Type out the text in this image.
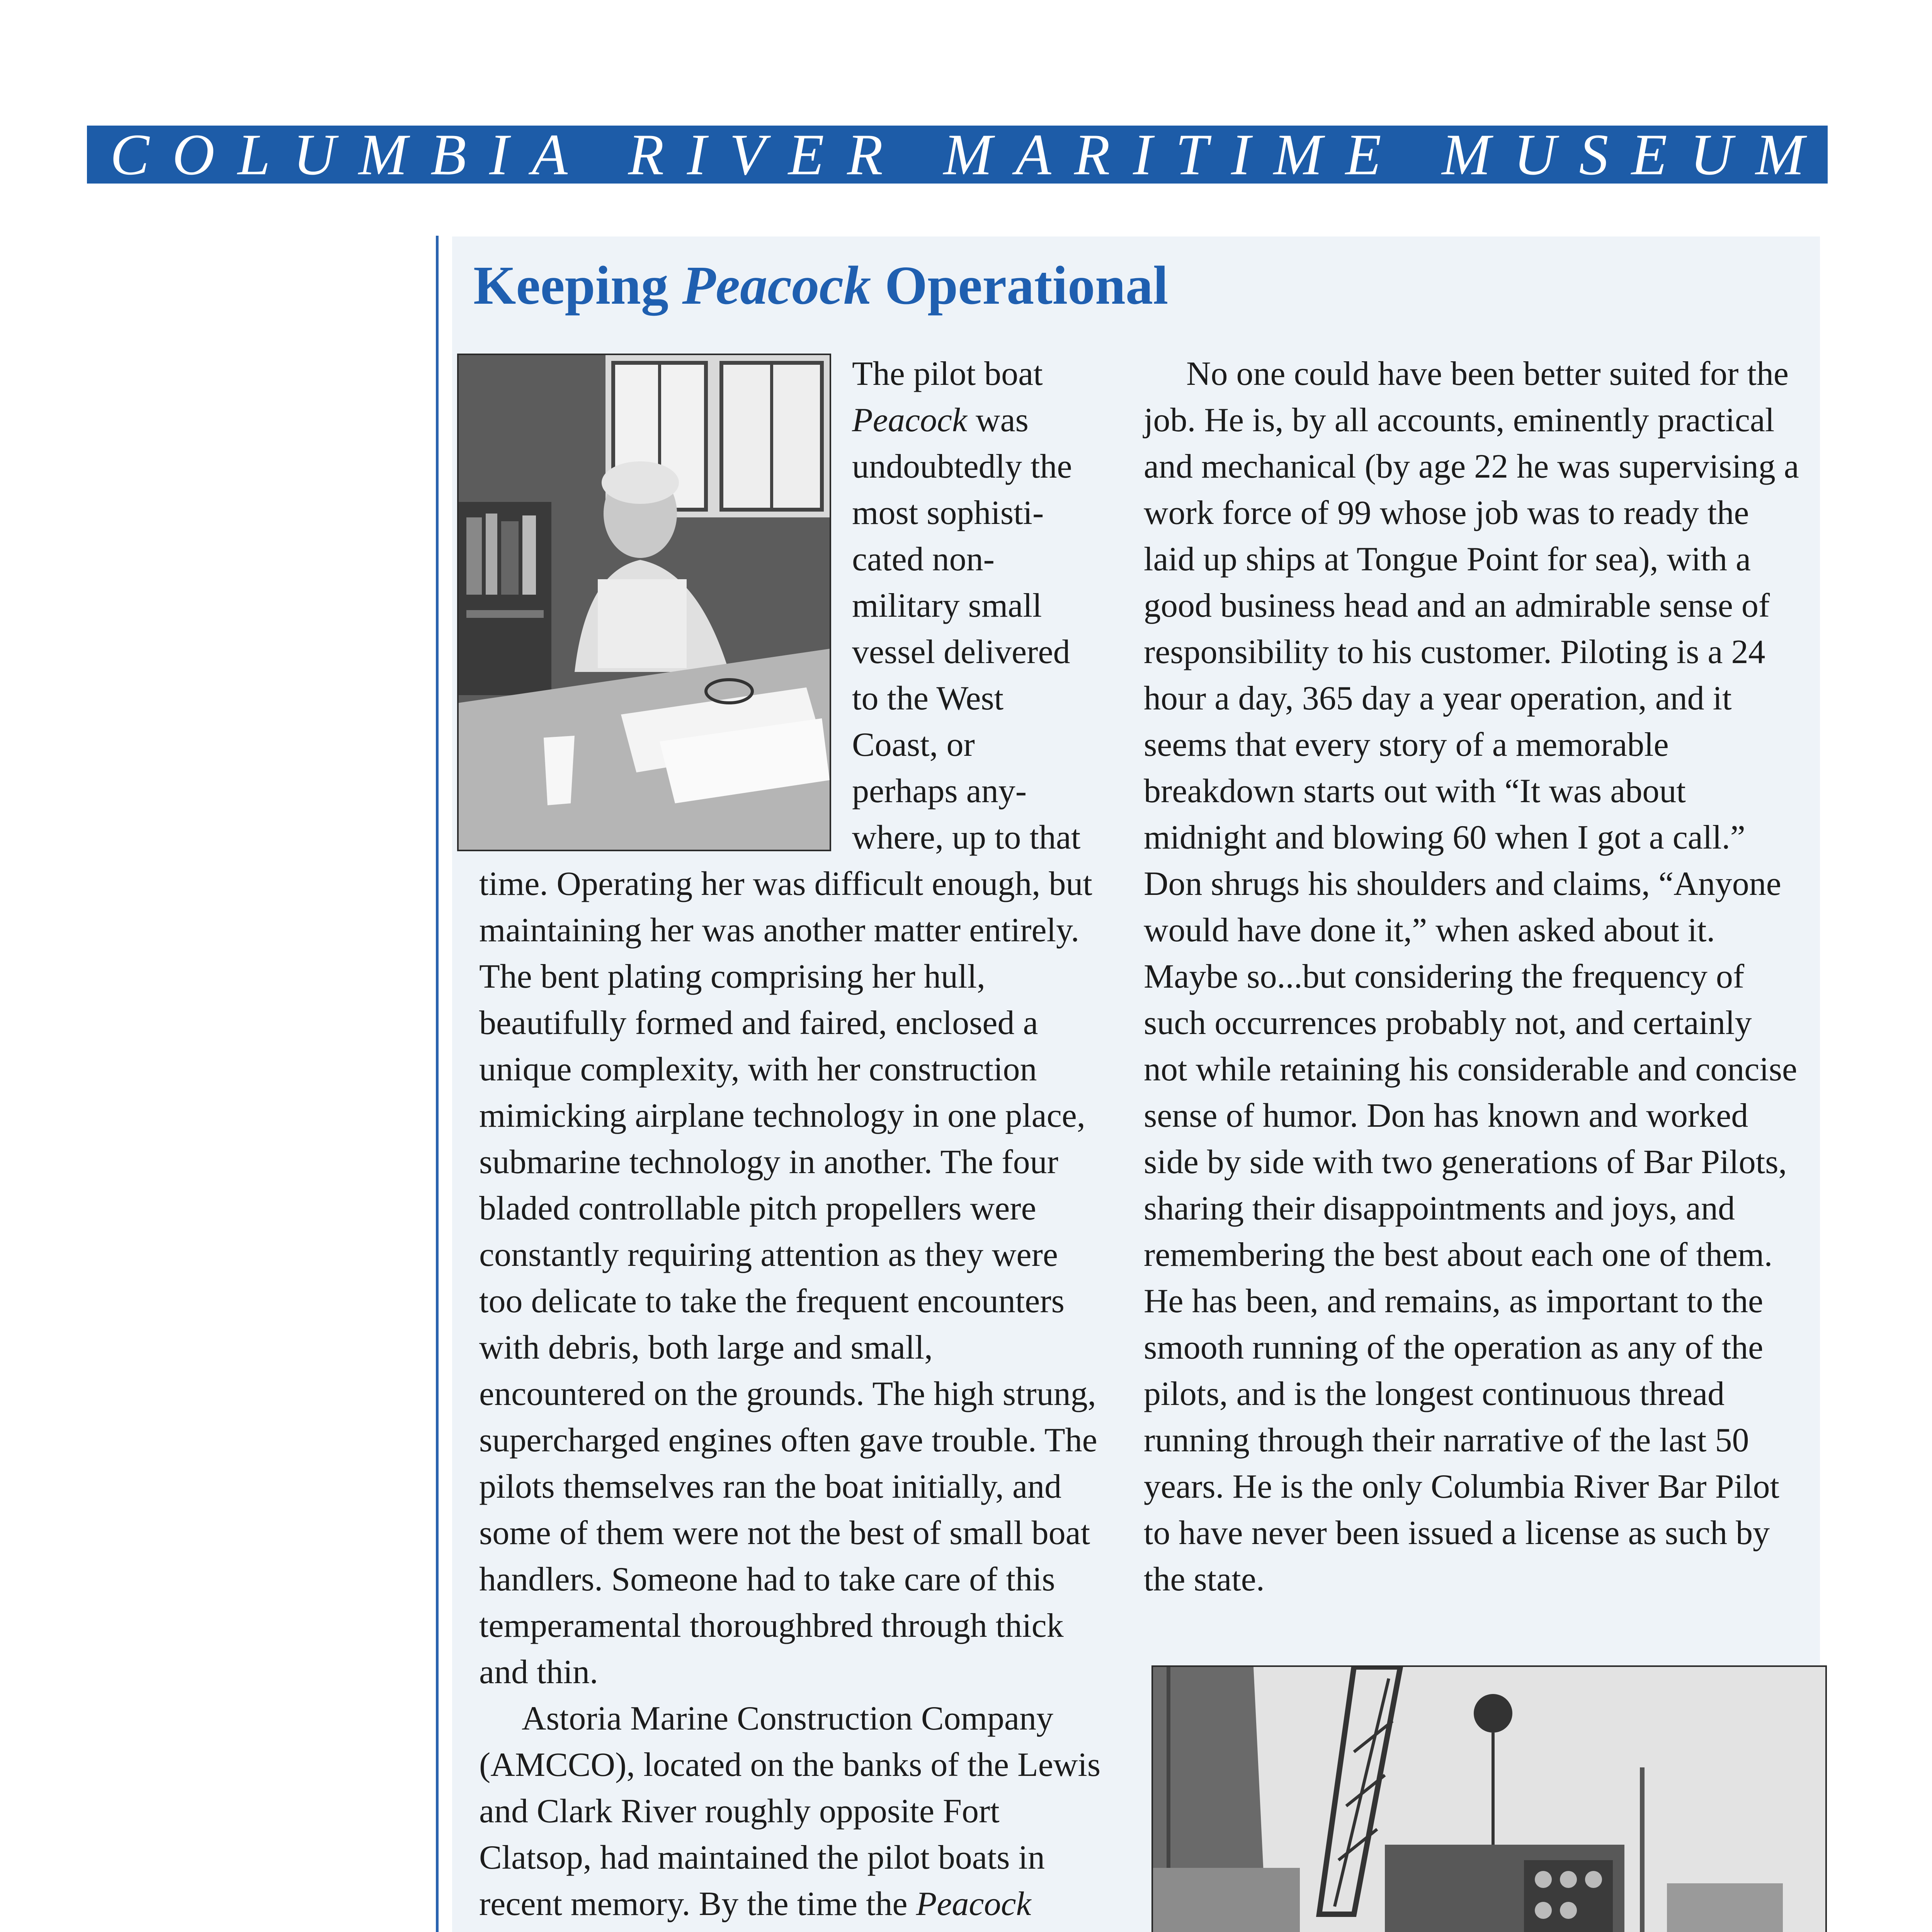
C O L U M B I A
R I V E R
M A R I T I M E
M U S E U M
Keeping Peacock Operational
The pilot boat
Peacock was
undoubtedly the
most sophisti-
cated non-
military small
vessel delivered
to the West
Coast, or
perhaps any-
where, up to that

time. Operating her was difficult enough, but maintaining her was another matter entirely. The bent plating comprising her hull, beautifully formed and faired, enclosed a unique complexity, with her construction mimicking airplane technology in one place, submarine technology in another. The four bladed controllable pitch propellers were constantly requiring attention as they were too delicate to take the frequent encounters with debris, both large and small, encountered on the grounds. The high strung, supercharged engines often gave trouble. The pilots themselves ran the boat initially, and some of them were not the best of small boat handlers. Someone had to take care of this temperamental thoroughbred through thick and thin.

Astoria Marine Construction Company (AMCCO), located on the banks of the Lewis and Clark River roughly opposite Fort Clatsop, had maintained the pilot boats in recent memory. By the time the Peacock

No one could have been better suited for the job. He is, by all accounts, eminently practical and mechanical (by age 22 he was supervising a work force of 99 whose job was to ready the laid up ships at Tongue Point for sea), with a good business head and an admirable sense of responsibility to his customer. Piloting is a 24 hour a day, 365 day a year operation, and it seems that every story of a memorable breakdown starts out with “It was about midnight and blowing 60 when I got a call.” Don shrugs his shoulders and claims, “Anyone would have done it,” when asked about it. Maybe so...but considering the frequency of such occurrences probably not, and certainly not while retaining his considerable and concise sense of humor. Don has known and worked side by side with two generations of Bar Pilots, sharing their disappointments and joys, and remembering the best about each one of them. He has been, and remains, as important to the smooth running of the operation as any of the pilots, and is the longest continuous thread running through their narrative of the last 50 years. He is the only Columbia River Bar Pilot to have never been issued a license as such by the state.
